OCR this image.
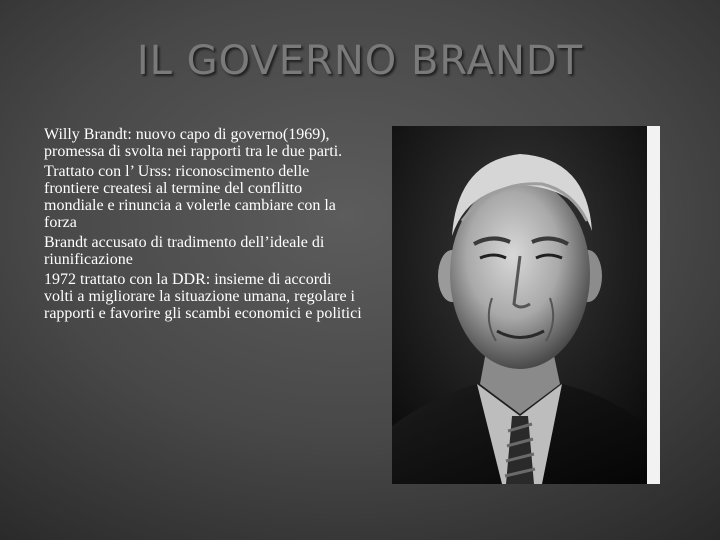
IL GOVERNO BRANDT
Willy Brandt: nuovo capo di governo(1969), promessa di svolta nei rapporti tra le due parti.
Trattato con l’ Urss: riconoscimento delle frontiere createsi al termine del conflitto mondiale e rinuncia a volerle cambiare con la forza
Brandt accusato di tradimento dell’ideale di riunificazione
1972 trattato con la DDR: insieme di accordi volti a migliorare la situazione umana, regolare i rapporti e favorire gli scambi economici e politici
